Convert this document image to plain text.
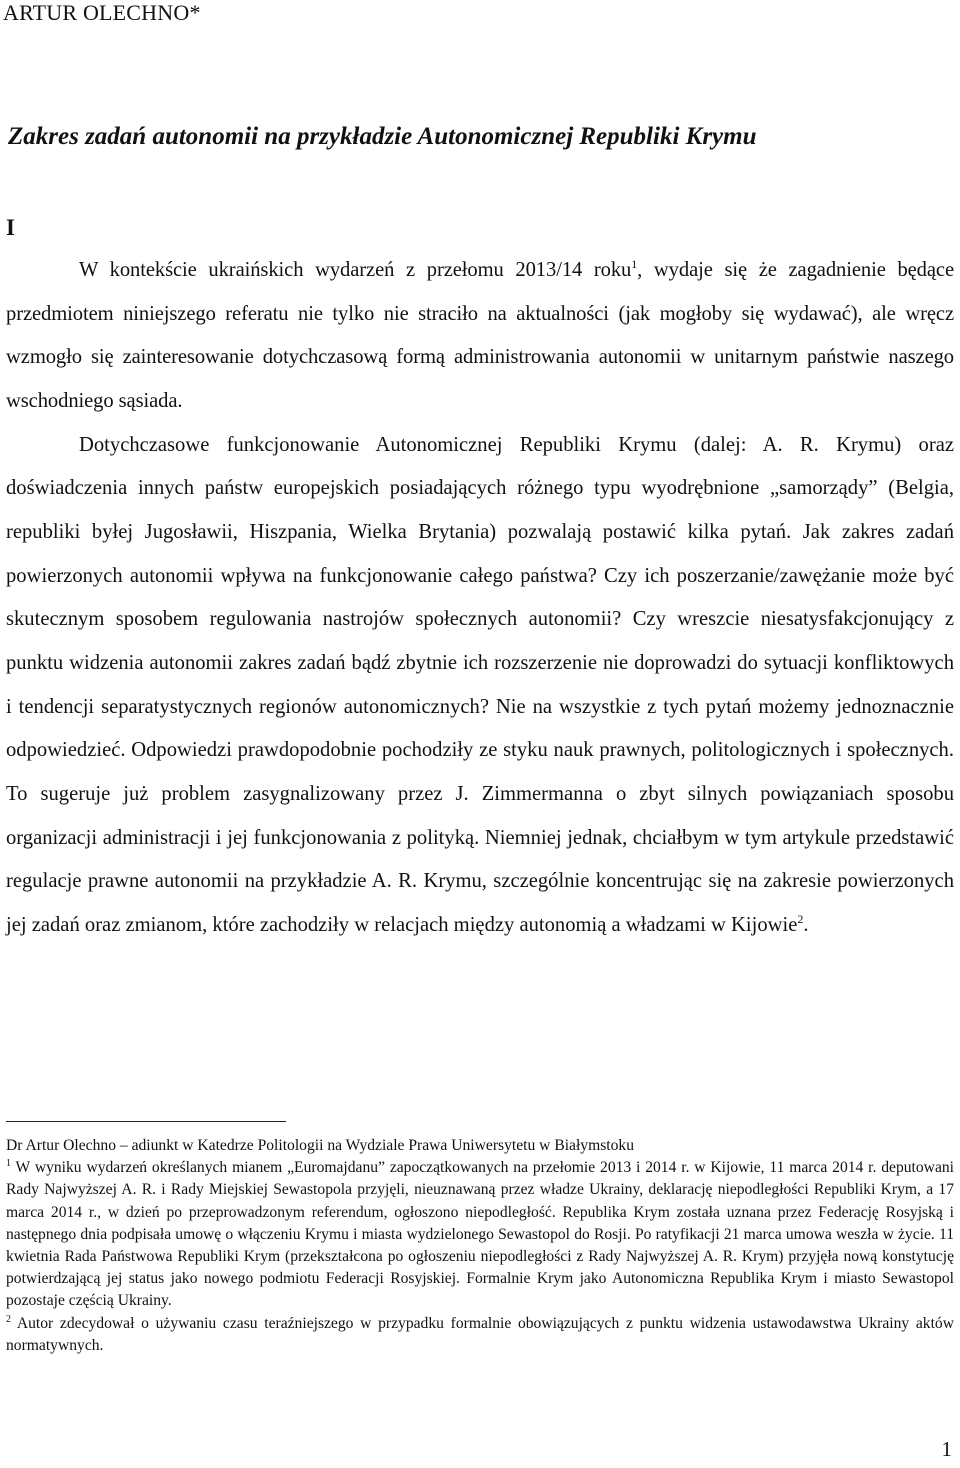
ARTUR OLECHNO*
Zakres zadań autonomii na przykładzie Autonomicznej Republiki Krymu
I

W kontekście ukraińskich wydarzeń z przełomu 2013/14 roku$^1$, wydaje się że zagadnienie będące przedmiotem niniejszego referatu nie tylko nie straciło na aktualności (jak mogłoby się wydawać), ale wręcz wzmogło się zainteresowanie dotychczasową formą administrowania autonomii w unitarnym państwie naszego wschodniego sąsiada.

Dotychczasowe funkcjonowanie Autonomicznej Republiki Krymu (dalej: A. R. Krymu) oraz doświadczenia innych państw europejskich posiadających różnego typu wyodrębnione „samorządy” (Belgia, republiki byłej Jugosławii, Hiszpania, Wielka Brytania) pozwalają postawić kilka pytań. Jak zakres zadań powierzonych autonomii wpływa na funkcjonowanie całego państwa? Czy ich poszerzanie/zawężanie może być skutecznym sposobem regulowania nastrojów społecznych autonomii? Czy wreszcie niesatysfakcjonujący z punktu widzenia autonomii zakres zadań bądź zbytnie ich rozszerzenie nie doprowadzi do sytuacji konfliktowych i tendencji separatystycznych regionów autonomicznych? Nie na wszystkie z tych pytań możemy jednoznacznie odpowiedzieć. Odpowiedzi prawdopodobnie pochodziły ze styku nauk prawnych, politologicznych i społecznych. To sugeruje już problem zasygnalizowany przez J. Zimmermanna o zbyt silnych powiązaniach sposobu organizacji administracji i jej funkcjonowania z polityką. Niemniej jednak, chciałbym w tym artykule przedstawić regulacje prawne autonomii na przykładzie A. R. Krymu, szczególnie koncentrując się na zakresie powierzonych jej zadań oraz zmianom, które zachodziły w relacjach między autonomią a władzami w Kijowie$^2$.

Dr Artur Olechno – adiunkt w Katedrze Politologii na Wydziale Prawa Uniwersytetu w Białymstoku

$^1$ W wyniku wydarzeń określanych mianem „Euromajdanu” zapoczątkowanych na przełomie 2013 i 2014 r. w Kijowie, 11 marca 2014 r. deputowani Rady Najwyższej A. R. i Rady Miejskiej Sewastopola przyjęli, nieuznawaną przez władze Ukrainy, deklarację niepodległości Republiki Krym, a 17 marca 2014 r., w dzień po przeprowadzonym referendum, ogłoszono niepodległość. Republika Krym została uznana przez Federację Rosyjską i następnego dnia podpisała umowę o włączeniu Krymu i miasta wydzielonego Sewastopol do Rosji. Po ratyfikacji 21 marca umowa weszła w życie. 11 kwietnia Rada Państwowa Republiki Krym (przekształcona po ogłoszeniu niepodległości z Rady Najwyższej A. R. Krym) przyjęła nową konstytucję potwierdzającą jej status jako nowego podmiotu Federacji Rosyjskiej. Formalnie Krym jako Autonomiczna Republika Krym i miasto Sewastopol pozostaje częścią Ukrainy.

$^2$ Autor zdecydował o używaniu czasu teraźniejszego w przypadku formalnie obowiązujących z punktu widzenia ustawodawstwa Ukrainy aktów normatywnych.

1
